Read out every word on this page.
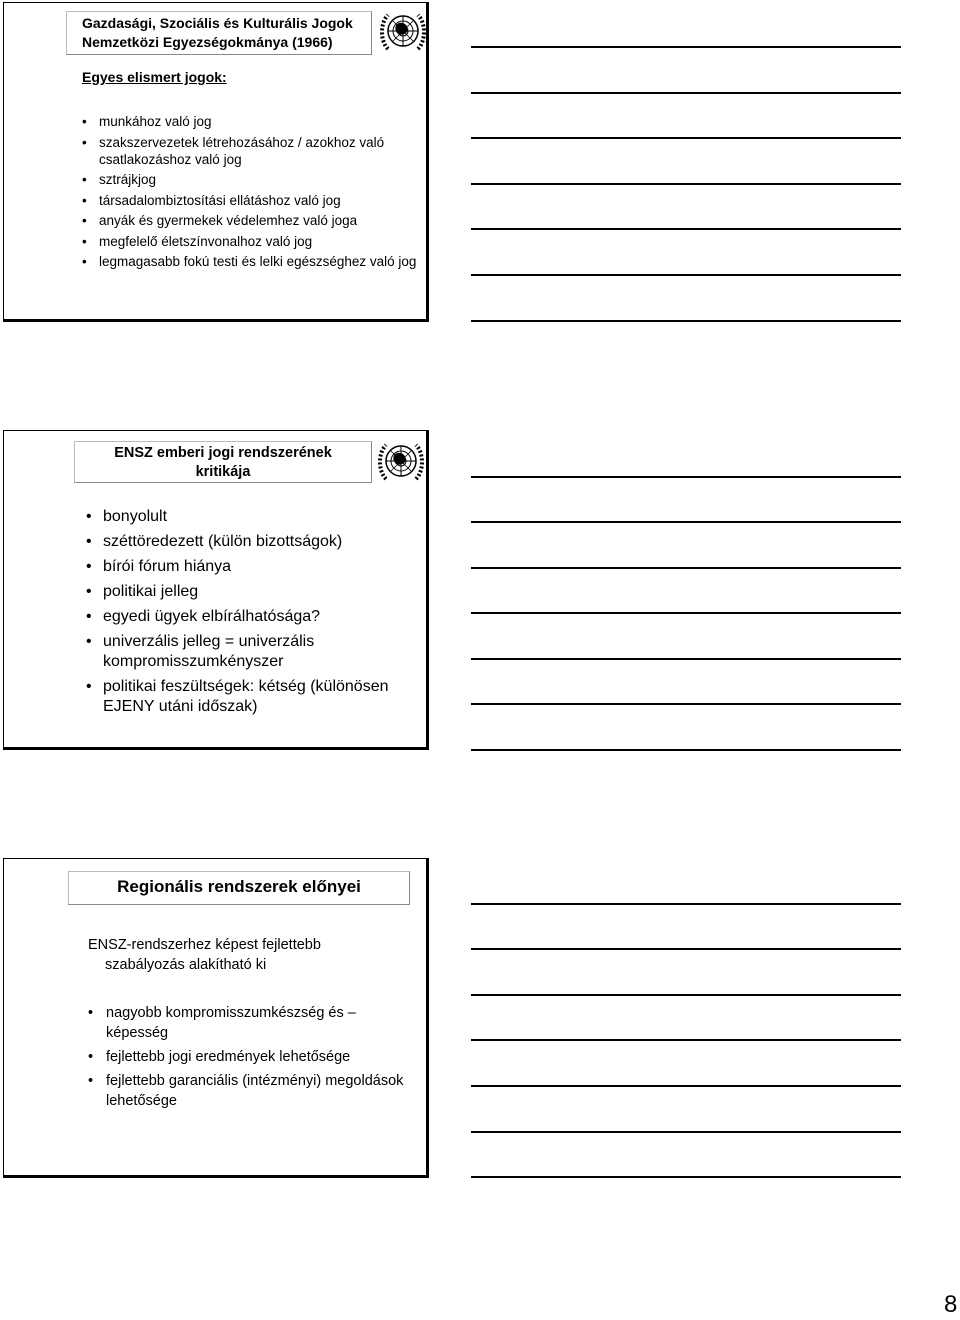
Gazdasági, Szociális és Kulturális Jogok
Nemzetközi Egyezségokmánya (1966)
Egyes elismert jogok:
• munkához való jog
• szakszervezetek létrehozásához / azokhoz való csatlakozáshoz való jog
• sztrájkjog
• társadalombiztosítási ellátáshoz való jog
• anyák és gyermekek védelemhez való joga
• megfelelő életszínvonalhoz való jog
• legmagasabb fokú testi és lelki egészséghez való jog
ENSZ emberi jogi rendszerének
kritikája
• bonyolult
• széttöredezett (külön bizottságok)
• bírói fórum hiánya
• politikai jelleg
• egyedi ügyek elbírálhatósága?
• univerzális jelleg = univerzális kompromisszumkényszer
• politikai feszültségek: kétség (különösen EJENY utáni időszak)
Regionális rendszerek előnyei
ENSZ-rendszerhez képest fejlettebb

szabályozás alakítható ki
• nagyobb kompromisszumkészség és – képesség
• fejlettebb jogi eredmények lehetősége
• fejlettebb garanciális (intézményi) megoldások lehetősége
8
